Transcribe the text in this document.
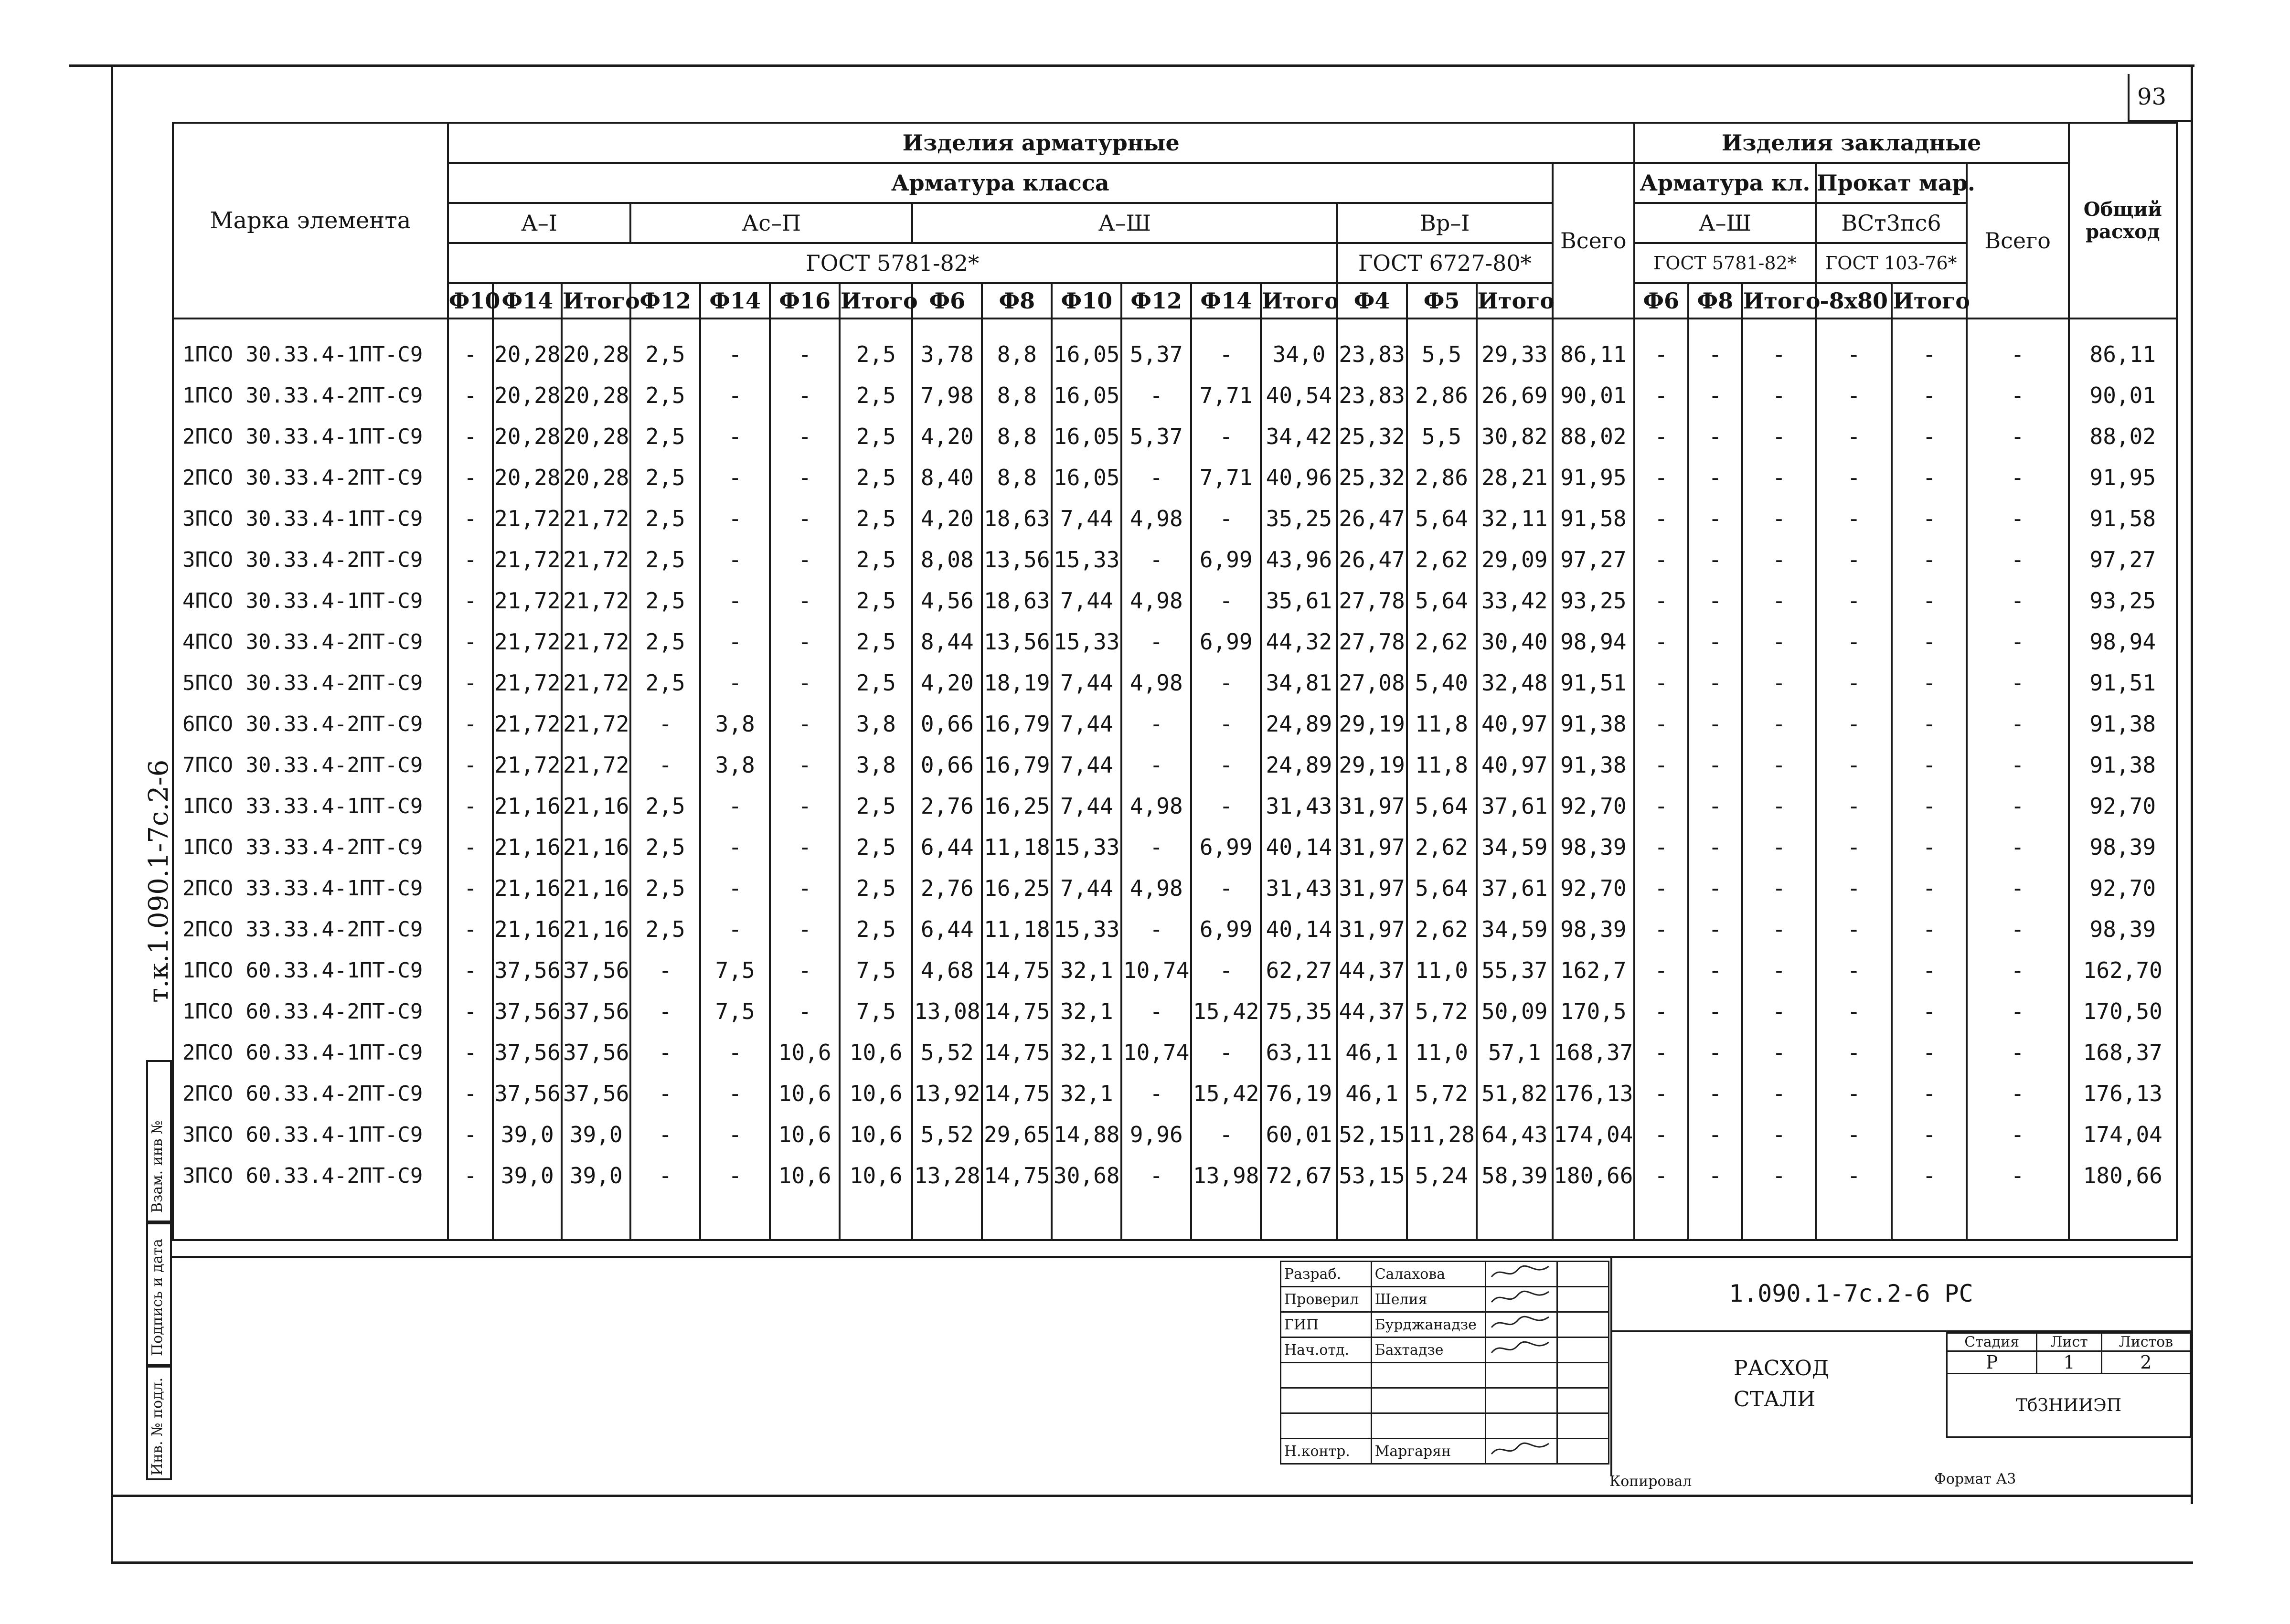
93
т.к.1.090.1-7с.2-6
Взам. инв №
Подпись и дата
Инв. № подл.
Марка элемента	Изделия арматурные																	Изделия закладные						Общий расход
	Арматура класса																Всего	Арматура кл.			Прокат мар.		Всего	
	А–I			Ас–П				А–Ш						Вр–I				А–Ш			ВСт3пс6			
	ГОСТ 5781-82*													ГОСТ 6727-80*				ГОСТ 5781-82*			ГОСТ 103-76*			
	Ф10	Ф14	Итого	Ф12	Ф14	Ф16	Итого	Ф6	Ф8	Ф10	Ф12	Ф14	Итого	Ф4	Ф5	Итого		Ф6	Ф8	Итого	-8х80	Итого		
1ПСО 30.33.4-1ПТ-С9	-	20,28	20,28	2,5	-	-	2,5	3,78	8,8	16,05	5,37	-	34,0	23,83	5,5	29,33	86,11	-	-	-	-	-	-	86,11
1ПСО 30.33.4-2ПТ-С9	-	20,28	20,28	2,5	-	-	2,5	7,98	8,8	16,05	-	7,71	40,54	23,83	2,86	26,69	90,01	-	-	-	-	-	-	90,01
2ПСО 30.33.4-1ПТ-С9	-	20,28	20,28	2,5	-	-	2,5	4,20	8,8	16,05	5,37	-	34,42	25,32	5,5	30,82	88,02	-	-	-	-	-	-	88,02
2ПСО 30.33.4-2ПТ-С9	-	20,28	20,28	2,5	-	-	2,5	8,40	8,8	16,05	-	7,71	40,96	25,32	2,86	28,21	91,95	-	-	-	-	-	-	91,95
3ПСО 30.33.4-1ПТ-С9	-	21,72	21,72	2,5	-	-	2,5	4,20	18,63	7,44	4,98	-	35,25	26,47	5,64	32,11	91,58	-	-	-	-	-	-	91,58
3ПСО 30.33.4-2ПТ-С9	-	21,72	21,72	2,5	-	-	2,5	8,08	13,56	15,33	-	6,99	43,96	26,47	2,62	29,09	97,27	-	-	-	-	-	-	97,27
4ПСО 30.33.4-1ПТ-С9	-	21,72	21,72	2,5	-	-	2,5	4,56	18,63	7,44	4,98	-	35,61	27,78	5,64	33,42	93,25	-	-	-	-	-	-	93,25
4ПСО 30.33.4-2ПТ-С9	-	21,72	21,72	2,5	-	-	2,5	8,44	13,56	15,33	-	6,99	44,32	27,78	2,62	30,40	98,94	-	-	-	-	-	-	98,94
5ПСО 30.33.4-2ПТ-С9	-	21,72	21,72	2,5	-	-	2,5	4,20	18,19	7,44	4,98	-	34,81	27,08	5,40	32,48	91,51	-	-	-	-	-	-	91,51
6ПСО 30.33.4-2ПТ-С9	-	21,72	21,72	-	3,8	-	3,8	0,66	16,79	7,44	-	-	24,89	29,19	11,8	40,97	91,38	-	-	-	-	-	-	91,38
7ПСО 30.33.4-2ПТ-С9	-	21,72	21,72	-	3,8	-	3,8	0,66	16,79	7,44	-	-	24,89	29,19	11,8	40,97	91,38	-	-	-	-	-	-	91,38
1ПСО 33.33.4-1ПТ-С9	-	21,16	21,16	2,5	-	-	2,5	2,76	16,25	7,44	4,98	-	31,43	31,97	5,64	37,61	92,70	-	-	-	-	-	-	92,70
1ПСО 33.33.4-2ПТ-С9	-	21,16	21,16	2,5	-	-	2,5	6,44	11,18	15,33	-	6,99	40,14	31,97	2,62	34,59	98,39	-	-	-	-	-	-	98,39
2ПСО 33.33.4-1ПТ-С9	-	21,16	21,16	2,5	-	-	2,5	2,76	16,25	7,44	4,98	-	31,43	31,97	5,64	37,61	92,70	-	-	-	-	-	-	92,70
2ПСО 33.33.4-2ПТ-С9	-	21,16	21,16	2,5	-	-	2,5	6,44	11,18	15,33	-	6,99	40,14	31,97	2,62	34,59	98,39	-	-	-	-	-	-	98,39
1ПСО 60.33.4-1ПТ-С9	-	37,56	37,56	-	7,5	-	7,5	4,68	14,75	32,1	10,74	-	62,27	44,37	11,0	55,37	162,7	-	-	-	-	-	-	162,70
1ПСО 60.33.4-2ПТ-С9	-	37,56	37,56	-	7,5	-	7,5	13,08	14,75	32,1	-	15,42	75,35	44,37	5,72	50,09	170,5	-	-	-	-	-	-	170,50
2ПСО 60.33.4-1ПТ-С9	-	37,56	37,56	-	-	10,6	10,6	5,52	14,75	32,1	10,74	-	63,11	46,1	11,0	57,1	168,37	-	-	-	-	-	-	168,37
2ПСО 60.33.4-2ПТ-С9	-	37,56	37,56	-	-	10,6	10,6	13,92	14,75	32,1	-	15,42	76,19	46,1	5,72	51,82	176,13	-	-	-	-	-	-	176,13
3ПСО 60.33.4-1ПТ-С9	-	39,0	39,0	-	-	10,6	10,6	5,52	29,65	14,88	9,96	-	60,01	52,15	11,28	64,43	174,04	-	-	-	-	-	-	174,04
3ПСО 60.33.4-2ПТ-С9	-	39,0	39,0	-	-	10,6	10,6	13,28	14,75	30,68	-	13,98	72,67	53,15	5,24	58,39	180,66	-	-	-	-	-	-	180,66

Разраб.	Салахова		
Проверил	Шелия		
ГИП	Бурджанадзе		
Нач.отд.	Бахтадзе		

Н.контр.	Маргарян		
1.090.1-7с.2-6 РС
РАСХОД
СТАЛИ
Стадия	Лист	Листов
Р	1	2
ТбЗНИИЭП		
Копировал	Формат А3
